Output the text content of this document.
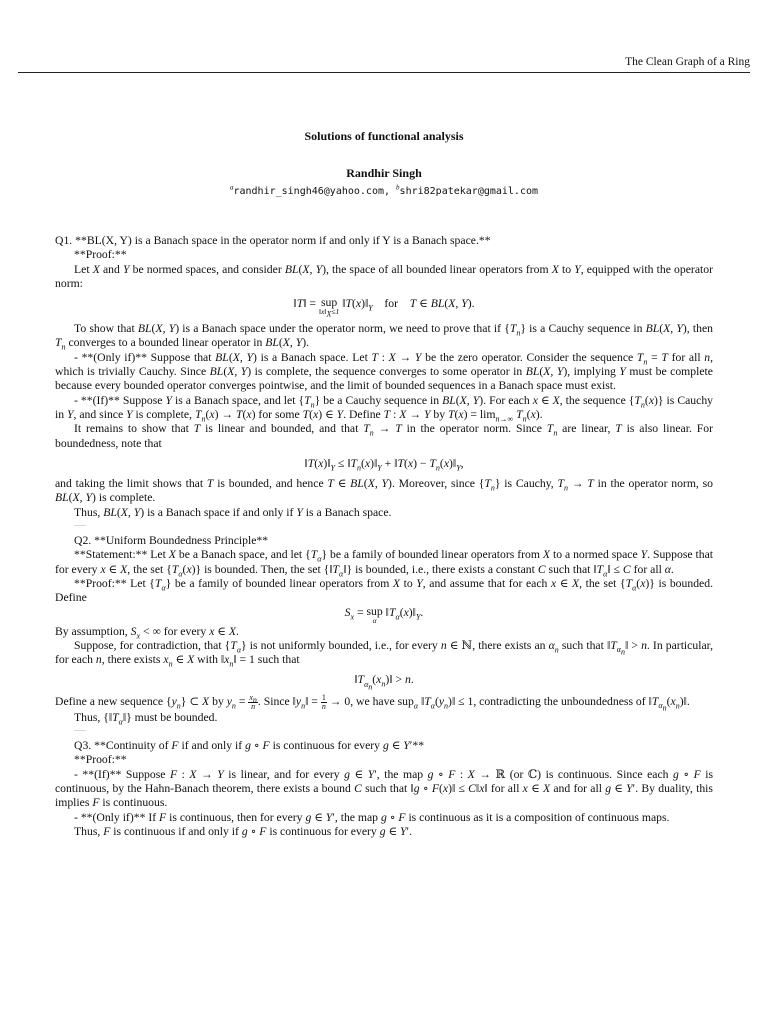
The Clean Graph of a Ring
Solutions of functional analysis
Randhir Singh
$^a$randhir_singh46@yahoo.com, $^b$shri82patekar@gmail.com

Q1. **BL(X, Y) is a Banach space in the operator norm if and only if Y is a Banach space.**

**Proof:**

Let X and Y be normed spaces, and consider BL(X, Y), the space of all bounded linear operators from X to Y, equipped with the operator norm:

‖T‖ = sup
$‖x‖_X\le 1$
$‖T(x)‖_Y$    for    T ∈ BL(X, Y).

To show that BL(X, Y) is a Banach space under the operator norm, we need to prove that if $\{T_n\}$ is a Cauchy sequence in BL(X, Y), then $T_n$ converges to a bounded linear operator in BL(X, Y).

- **(Only if)** Suppose that BL(X, Y) is a Banach space. Let T : X → Y be the zero operator. Consider the sequence $T_n = T$ for all n, which is trivially Cauchy. Since BL(X, Y) is complete, the sequence converges to some operator in BL(X, Y), implying Y must be complete because every bounded operator converges pointwise, and the limit of bounded sequences in a Banach space must exist.

- **(If)** Suppose Y is a Banach space, and let $\{T_n\}$ be a Cauchy sequence in BL(X, Y). For each x ∈ X, the sequence $\{T_n(x)\}$ is Cauchy in Y, and since Y is complete, $T_n(x) \to T(x)$ for some T(x) ∈ Y. Define T : X → Y by $T(x) = \lim_{n\to\infty} T_n(x)$.

It remains to show that T is linear and bounded, and that $T_n \to T$ in the operator norm. Since $T_n$ are linear, T is also linear. For boundedness, note that

$‖T(x)‖_Y$ ≤ $‖T_n(x)‖_Y$ + ‖T(x) − $T_n(x)‖_Y$,

and taking the limit shows that T is bounded, and hence T ∈ BL(X, Y). Moreover, since $\{T_n\}$ is Cauchy, $T_n \to T$ in the operator norm, so BL(X, Y) is complete.

Thus, BL(X, Y) is a Banach space if and only if Y is a Banach space.

—

Q2. **Uniform Boundedness Principle**

**Statement:** Let X be a Banach space, and let $\{T_\alpha\}$ be a family of bounded linear operators from X to a normed space Y. Suppose that for every x ∈ X, the set $\{T_\alpha(x)\}$ is bounded. Then, the set $\{‖T_\alpha‖\}$ is bounded, i.e., there exists a constant C such that $‖T_\alpha‖ \le C$ for all α.

**Proof:** Let $\{T_\alpha\}$ be a family of bounded linear operators from X to Y, and assume that for each x ∈ X, the set $\{T_\alpha(x)\}$ is bounded. Define

$S_x$ = sup
α
$‖T_\alpha(x)‖_Y$.

By assumption, $S_x$ < ∞ for every x ∈ X.

Suppose, for contradiction, that $\{T_\alpha\}$ is not uniformly bounded, i.e., for every n ∈ ℕ, there exists an $\alpha_n$ such that $‖T_{\alpha_n}‖ > n$. In particular, for each n, there exists $x_n$ ∈ X with $‖x_n‖ = 1$ such that

$‖T_{\alpha_n}(x_n)‖ > n$.

Define a new sequence $\{y_n\}$ ⊂ X by $y_n = \frac{x_n}{n}$ . Since $‖y_n‖ = \frac{1}{n} \to 0$, we have sup$_\alpha$ $‖T_\alpha(y_n)‖ \le 1$, contradicting the unboundedness of $‖T_{\alpha_n}(x_n)‖$.

Thus, $\{‖T_\alpha‖\}$ must be bounded.

—

Q3. **Continuity of F if and only if g ∘ F is continuous for every g ∈ Y′**

**Proof:**

- **(If)** Suppose F : X → Y is linear, and for every g ∈ Y′, the map g ∘ F : X → ℝ (or ℂ) is continuous. Since each g ∘ F is continuous, by the Hahn-Banach theorem, there exists a bound C such that ‖g ∘ F(x)‖ ≤ C‖x‖ for all x ∈ X and for all g ∈ Y′. By duality, this implies F is continuous.

- **(Only if)** If F is continuous, then for every g ∈ Y′, the map g ∘ F is continuous as it is a composition of continuous maps.

Thus, F is continuous if and only if g ∘ F is continuous for every g ∈ Y′.
